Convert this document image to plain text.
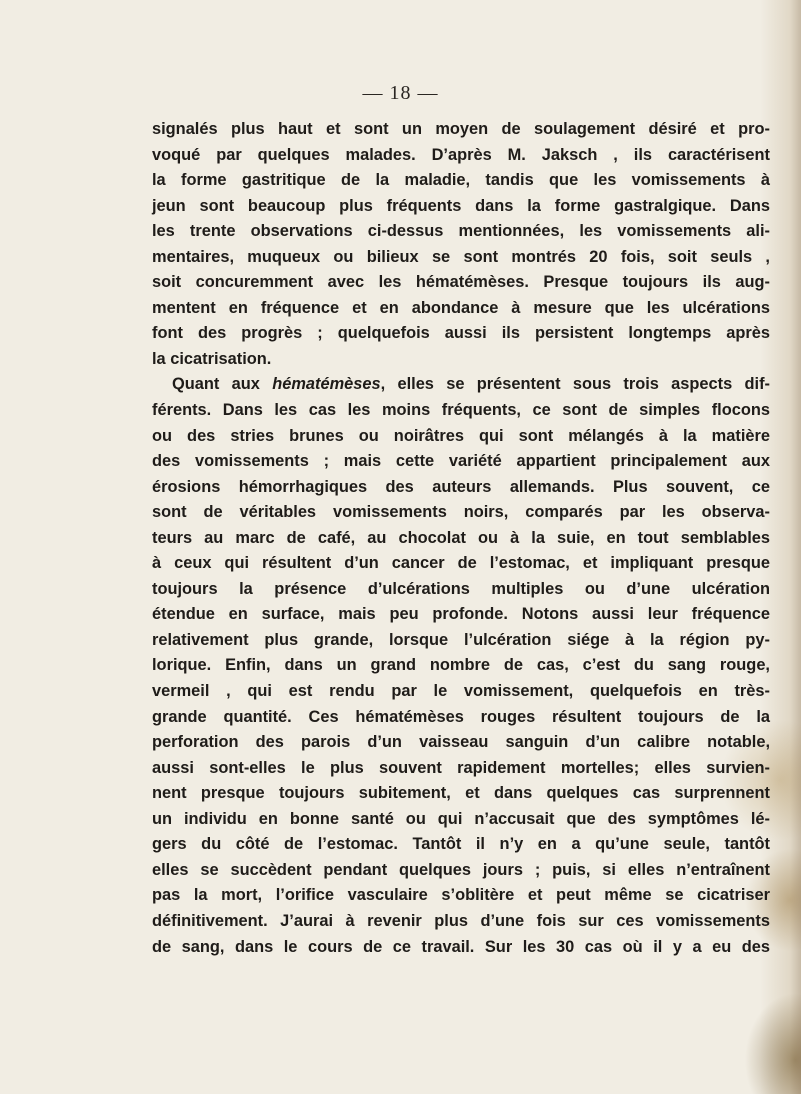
— 18 —
signalés plus haut et sont un moyen de soulagement désiré et pro-
voqué par quelques malades. D’après M. Jaksch , ils caractérisent
la forme gastritique de la maladie, tandis que les vomissements à
jeun sont beaucoup plus fréquents dans la forme gastralgique. Dans
les trente observations ci-dessus mentionnées, les vomissements ali-
mentaires, muqueux ou bilieux se sont montrés 20 fois, soit seuls ,
soit concuremment avec les hématémèses. Presque toujours ils aug-
mentent en fréquence et en abondance à mesure que les ulcérations
font des progrès ; quelquefois aussi ils persistent longtemps après
la cicatrisation.
Quant aux hématémèses, elles se présentent sous trois aspects dif-
férents. Dans les cas les moins fréquents, ce sont de simples flocons
ou des stries brunes ou noirâtres qui sont mélangés à la matière
des vomissements ; mais cette variété appartient principalement aux
érosions hémorrhagiques des auteurs allemands. Plus souvent, ce
sont de véritables vomissements noirs, comparés par les observa-
teurs au marc de café, au chocolat ou à la suie, en tout semblables
à ceux qui résultent d’un cancer de l’estomac, et impliquant presque
toujours la présence d’ulcérations multiples ou d’une ulcération
étendue en surface, mais peu profonde. Notons aussi leur fréquence
relativement plus grande, lorsque l’ulcération siége à la région py-
lorique. Enfin, dans un grand nombre de cas, c’est du sang rouge,
vermeil , qui est rendu par le vomissement, quelquefois en très-
grande quantité. Ces hématémèses rouges résultent toujours de la
perforation des parois d’un vaisseau sanguin d’un calibre notable,
aussi sont-elles le plus souvent rapidement mortelles; elles survien-
nent presque toujours subitement, et dans quelques cas surprennent
un individu en bonne santé ou qui n’accusait que des symptômes lé-
gers du côté de l’estomac. Tantôt il n’y en a qu’une seule, tantôt
elles se succèdent pendant quelques jours ; puis, si elles n’entraînent
pas la mort, l’orifice vasculaire s’oblitère et peut même se cicatriser
définitivement. J’aurai à revenir plus d’une fois sur ces vomissements
de sang, dans le cours de ce travail. Sur les 30 cas où il y a eu des
